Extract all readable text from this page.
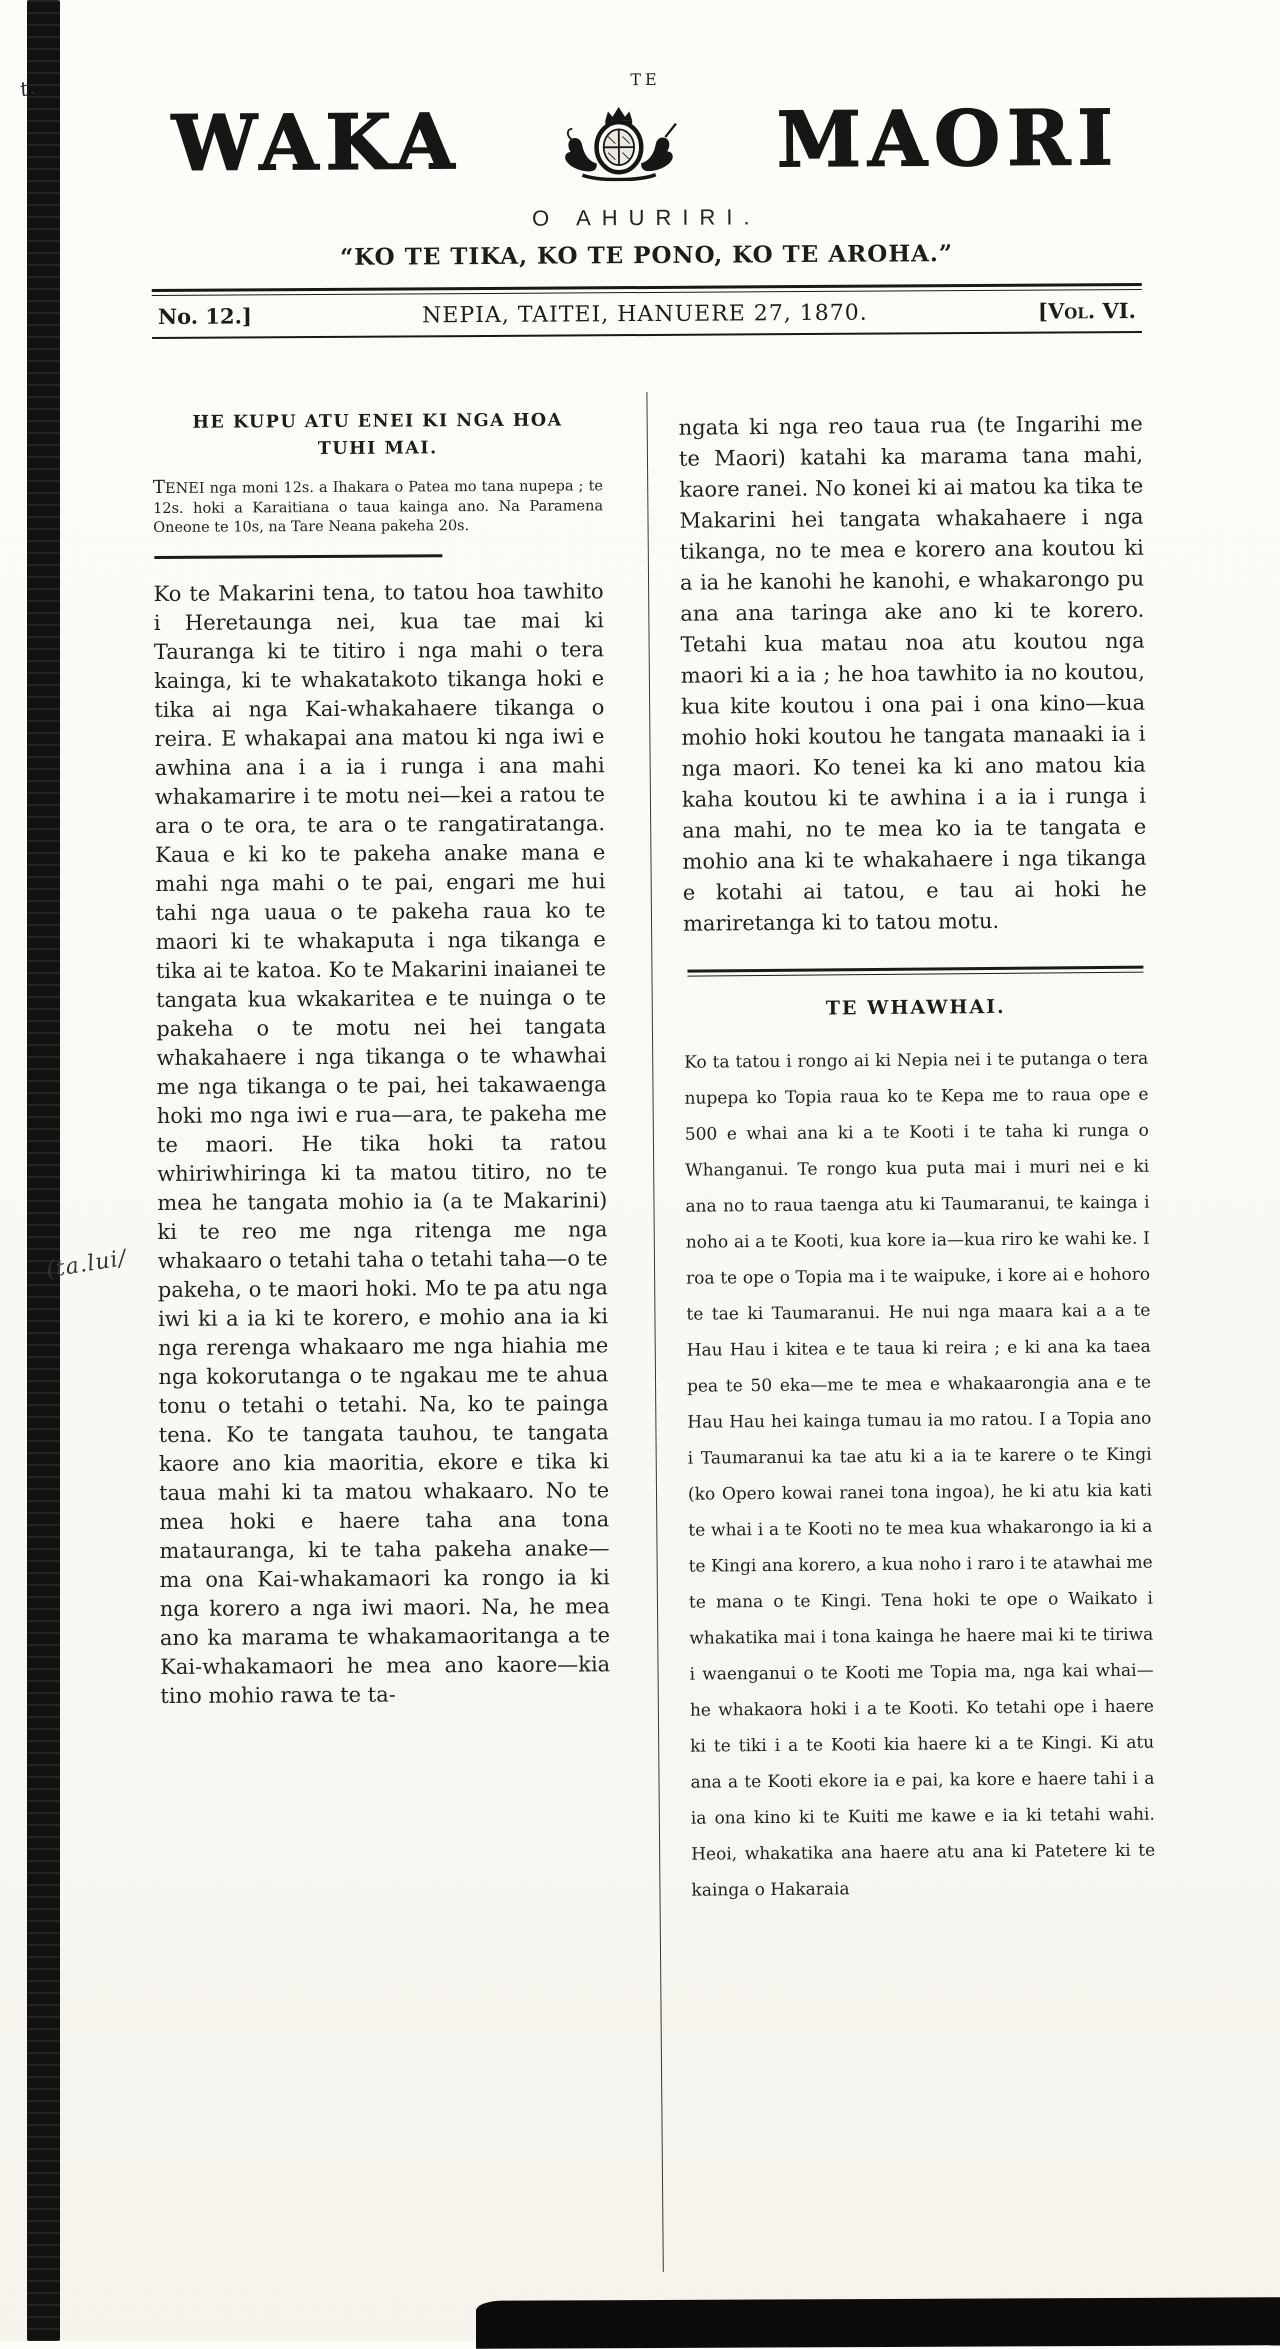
t.
(ta.lui/
TE
WAKA	MAORI
O AHURIRI.
“KO TE TIKA, KO TE PONO, KO TE AROHA.”
No. 12.]	NEPIA, TAITEI, HANUERE 27, 1870.	[Vol. VI.
HE KUPU ATU ENEI KI NGA HOA
TUHI MAI.

TENEI nga moni 12s. a Ihakara o Patea mo tana nupepa ; te 12s. hoki a Karaitiana o taua kainga ano. Na Paramena Oneone te 10s, na Tare Neana pakeha 20s.

Ko te Makarini tena, to tatou hoa tawhito i Heretaunga nei, kua tae mai ki Tauranga ki te titiro i nga mahi o tera kainga, ki te whakatakoto tikanga hoki e tika ai nga Kai-whakahaere tikanga o reira. E whakapai ana matou ki nga iwi e awhina ana i a ia i runga i ana mahi whakamarire i te motu nei—kei a ratou te ara o te ora, te ara o te rangatiratanga. Kaua e ki ko te pakeha anake mana e mahi nga mahi o te pai, engari me hui tahi nga uaua o te pakeha raua ko te maori ki te whakaputa i nga tikanga e tika ai te katoa. Ko te Makarini inaianei te tangata kua wkakaritea e te nuinga o te pakeha o te motu nei hei tangata whakahaere i nga tikanga o te whawhai me nga tikanga o te pai, hei takawaenga hoki mo nga iwi e rua—ara, te pakeha me te maori. He tika hoki ta ratou whiriwhiringa ki ta matou titiro, no te mea he tangata mohio ia (a te Makarini) ki te reo me nga ritenga me nga whakaaro o tetahi taha o tetahi taha—o te pakeha, o te maori hoki. Mo te pa atu nga iwi ki a ia ki te korero, e mohio ana ia ki nga rerenga whakaaro me nga hiahia me nga kokorutanga o te ngakau me te ahua tonu o tetahi o tetahi. Na, ko te painga tena. Ko te tangata tauhou, te tangata kaore ano kia maoritia, ekore e tika ki taua mahi ki ta matou whakaaro. No te mea hoki e haere taha ana tona matauranga, ki te taha pakeha anake—ma ona Kai-whakamaori ka rongo ia ki nga korero a nga iwi maori. Na, he mea ano ka marama te whakamaoritanga a te Kai-whakamaori he mea ano kaore—kia tino mohio rawa te ta-

ngata ki nga reo taua rua (te Ingarihi me te Maori) katahi ka marama tana mahi, kaore ranei. No konei ki ai matou ka tika te Makarini hei tangata whakahaere i nga tikanga, no te mea e korero ana koutou ki a ia he kanohi he kanohi, e whakarongo pu ana ana taringa ake ano ki te korero. Tetahi kua matau noa atu koutou nga maori ki a ia ; he hoa tawhito ia no koutou, kua kite koutou i ona pai i ona kino—kua mohio hoki koutou he tangata manaaki ia i nga maori. Ko tenei ka ki ano matou kia kaha koutou ki te awhina i a ia i runga i ana mahi, no te mea ko ia te tangata e mohio ana ki te whakahaere i nga tikanga e kotahi ai tatou, e tau ai hoki he mariretanga ki to tatou motu.

TE WHAWHAI.

Ko ta tatou i rongo ai ki Nepia nei i te putanga o tera nupepa ko Topia raua ko te Kepa me to raua ope e 500 e whai ana ki a te Kooti i te taha ki runga o Whanganui. Te rongo kua puta mai i muri nei e ki ana no to raua taenga atu ki Taumaranui, te kainga i noho ai a te Kooti, kua kore ia—kua riro ke wahi ke. I roa te ope o Topia ma i te waipuke, i kore ai e hohoro te tae ki Taumaranui. He nui nga maara kai a a te Hau Hau i kitea e te taua ki reira ; e ki ana ka taea pea te 50 eka—me te mea e whakaarongia ana e te Hau Hau hei kainga tumau ia mo ratou. I a Topia ano i Taumaranui ka tae atu ki a ia te karere o te Kingi (ko Opero kowai ranei tona ingoa), he ki atu kia kati te whai i a te Kooti no te mea kua whakarongo ia ki a te Kingi ana korero, a kua noho i raro i te atawhai me te mana o te Kingi. Tena hoki te ope o Waikato i whakatika mai i tona kainga he haere mai ki te tiriwa i waenganui o te Kooti me Topia ma, nga kai whai—he whakaora hoki i a te Kooti. Ko tetahi ope i haere ki te tiki i a te Kooti kia haere ki a te Kingi. Ki atu ana a te Kooti ekore ia e pai, ka kore e haere tahi i a ia ona kino ki te Kuiti me kawe e ia ki tetahi wahi. Heoi, whakatika ana haere atu ana ki Patetere ki te kainga o Hakaraia
